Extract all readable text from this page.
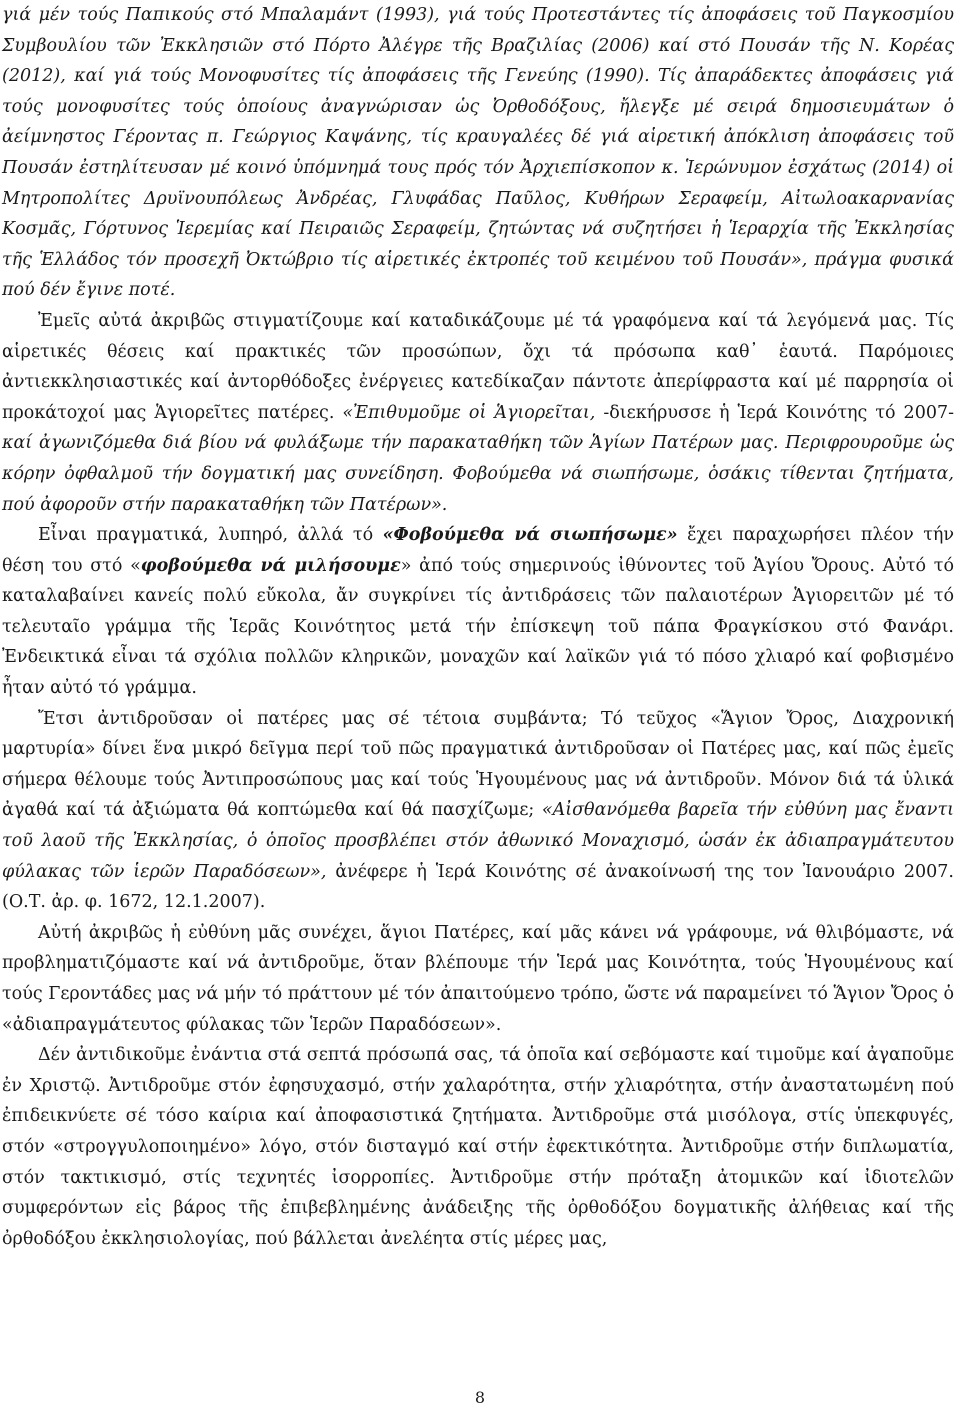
γιά μέν τούς Παπικούς στό Μπαλαμάντ (1993), γιά τούς Προτεστάντες τίς ἀποφάσεις τοῦ Παγκοσμίου Συμβουλίου τῶν Ἐκκλησιῶν στό Πόρτο Ἀλέγρε τῆς Βραζιλίας (2006) καί στό Πουσάν τῆς Ν. Κορέας (2012), καί γιά τούς Μονοφυσίτες τίς ἀποφάσεις τῆς Γενεύης (1990). Τίς ἀπαράδεκτες ἀποφάσεις γιά τούς μονοφυσίτες τούς ὁποίους ἀναγνώρισαν ὡς Ὀρθοδόξους, ἤλεγξε μέ σειρά δημοσιευμάτων ὁ ἀείμνηστος Γέροντας π. Γεώργιος Καψάνης, τίς κραυγαλέες δέ γιά αἱρετική ἀπόκλιση ἀποφάσεις τοῦ Πουσάν ἐστηλίτευσαν μέ κοινό ὑπόμνημά τους πρός τόν Ἀρχιεπίσκοπον κ. Ἱερώνυμον ἐσχάτως (2014) οἱ Μητροπολίτες Δρυϊνουπόλεως Ἀνδρέας, Γλυφάδας Παῦλος, Κυθήρων Σεραφείμ, Αἰτωλοακαρνανίας Κοσμᾶς, Γόρτυνος Ἱερεμίας καί Πειραιῶς Σεραφείμ, ζητώντας νά συζητήσει ἡ Ἱεραρχία τῆς Ἐκκλησίας τῆς Ἑλλάδος τόν προσεχῆ Ὀκτώβριο τίς αἱρετικές ἐκτροπές τοῦ κειμένου τοῦ Πουσάν», πράγμα φυσικά πού δέν ἔγινε ποτέ.

Ἐμεῖς αὐτά ἀκριβῶς στιγματίζουμε καί καταδικάζουμε μέ τά γραφόμενα καί τά λεγόμενά μας. Τίς αἱρετικές θέσεις καί πρακτικές τῶν προσώπων, ὄχι τά πρόσωπα καθ᾽ ἑαυτά. Παρόμοιες ἀντιεκκλησιαστικές καί ἀντορθόδοξες ἐνέργειες κατεδίκαζαν πάντοτε ἀπερίφραστα καί μέ παρρησία οἱ προκάτοχοί μας Ἁγιορεῖτες πατέρες. «Ἐπιθυμοῦμε οἱ Ἁγιορεῖται, -διεκήρυσσε ἡ Ἱερά Κοινότης τό 2007- καί ἀγωνιζόμεθα διά βίου νά φυλάξωμε τήν παρακαταθήκη τῶν Ἁγίων Πατέρων μας. Περιφρουροῦμε ὡς κόρην ὀφθαλμοῦ τήν δογματική μας συνείδηση. Φοβούμεθα νά σιωπήσωμε, ὁσάκις τίθενται ζητήματα, πού ἀφοροῦν στήν παρακαταθήκη τῶν Πατέρων».

Εἶναι πραγματικά, λυπηρό, ἀλλά τό «Φοβούμεθα νά σιωπήσωμε» ἔχει παραχωρήσει πλέον τήν θέση του στό «φοβούμεθα νά μιλήσουμε» ἀπό τούς σημερινούς ἰθύνοντες τοῦ Ἁγίου Ὄρους. Αὐτό τό καταλαβαίνει κανείς πολύ εὔκολα, ἄν συγκρίνει τίς ἀντιδράσεις τῶν παλαιοτέρων Ἁγιορειτῶν μέ τό τελευταῖο γράμμα τῆς Ἱερᾶς Κοινότητος μετά τήν ἐπίσκεψη τοῦ πάπα Φραγκίσκου στό Φανάρι. Ἐνδεικτικά εἶναι τά σχόλια πολλῶν κληρικῶν, μοναχῶν καί λαϊκῶν γιά τό πόσο χλιαρό καί φοβισμένο ἦταν αὐτό τό γράμμα.

Ἔτσι ἀντιδροῦσαν οἱ πατέρες μας σέ τέτοια συμβάντα; Τό τεῦχος «Ἅγιον Ὄρος, Διαχρονική μαρτυρία» δίνει ἕνα μικρό δεῖγμα περί τοῦ πῶς πραγματικά ἀντιδροῦσαν οἱ Πατέρες μας, καί πῶς ἐμεῖς σήμερα θέλουμε τούς Ἀντιπροσώπους μας καί τούς Ἡγουμένους μας νά ἀντιδροῦν. Μόνον διά τά ὑλικά ἀγαθά καί τά ἀξιώματα θά κοπτώμεθα καί θά πασχίζωμε; «Αἰσθανόμεθα βαρεῖα τήν εὐθύνη μας ἔναντι τοῦ λαοῦ τῆς Ἐκκλησίας, ὁ ὁποῖος προσβλέπει στόν ἀθωνικό Μοναχισμό, ὡσάν ἐκ ἀδιαπραγμάτευτου φύλακας τῶν ἱερῶν Παραδόσεων», ἀνέφερε ἡ Ἱερά Κοινότης σέ ἀνακοίνωσή της τον Ἰανουάριο 2007. (Ο.Τ. ἀρ. φ. 1672, 12.1.2007).

Αὐτή ἀκριβῶς ἡ εὐθύνη μᾶς συνέχει, ἅγιοι Πατέρες, καί μᾶς κάνει νά γράφουμε, νά θλιβόμαστε, νά προβληματιζόμαστε καί νά ἀντιδροῦμε, ὅταν βλέπουμε τήν Ἱερά μας Κοινότητα, τούς Ἡγουμένους καί τούς Γεροντάδες μας νά μήν τό πράττουν μέ τόν ἀπαιτούμενο τρόπο, ὥστε νά παραμείνει τό Ἅγιον Ὄρος ὁ «ἀδιαπραγμάτευτος φύλακας τῶν Ἱερῶν Παραδόσεων».

Δέν ἀντιδικοῦμε ἐνάντια στά σεπτά πρόσωπά σας, τά ὁποῖα καί σεβόμαστε καί τιμοῦμε καί ἀγαποῦμε ἐν Χριστῷ. Ἀντιδροῦμε στόν ἐφησυχασμό, στήν χαλαρότητα, στήν χλιαρότητα, στήν ἀναστατωμένη πού ἐπιδεικνύετε σέ τόσο καίρια καί ἀποφασιστικά ζητήματα. Ἀντιδροῦμε στά μισόλογα, στίς ὑπεκφυγές, στόν «στρογγυλοποιημένο» λόγο, στόν δισταγμό καί στήν ἐφεκτικότητα. Ἀντιδροῦμε στήν διπλωματία, στόν τακτικισμό, στίς τεχνητές ἰσορροπίες. Ἀντιδροῦμε στήν πρόταξη ἀτομικῶν καί ἰδιοτελῶν συμφερόντων εἰς βάρος τῆς ἐπιβεβλημένης ἀνάδειξης τῆς ὀρθοδόξου δογματικῆς ἀλήθειας καί τῆς ὀρθοδόξου ἐκκλησιολογίας, πού βάλλεται ἀνελέητα στίς μέρες μας,

8
